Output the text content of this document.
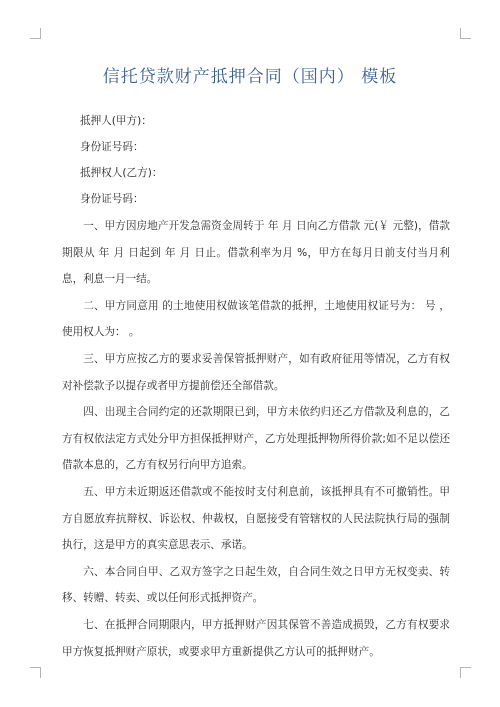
信托贷款财产抵押合同（国内） 模板

抵押人(甲方)：

身份证号码：

抵押权人(乙方)：

身份证号码：

一、甲方因房地产开发急需资金周转于 年 月 日向乙方借款 元(￥ 元整)，借款期限从 年 月 日起到 年 月 日止。借款利率为月 %，甲方在每月日前支付当月利息，利息一月一结。

二、甲方同意用 的土地使用权做该笔借款的抵押，土地使用权证号为： 号 ，使用权人为： 。

三、甲方应按乙方的要求妥善保管抵押财产，如有政府征用等情况，乙方有权对补偿款予以提存或者甲方提前偿还全部借款。

四、出现主合同约定的还款期限已到，甲方未依约归还乙方借款及利息的，乙方有权依法定方式处分甲方担保抵押财产，乙方处理抵押物所得价款;如不足以偿还借款本息的，乙方有权另行向甲方追索。

五、甲方未近期返还借款或不能按时支付利息前，该抵押具有不可撤销性。甲方自愿放弃抗辩权、诉讼权、仲裁权，自愿接受有管辖权的人民法院执行局的强制执行，这是甲方的真实意思表示、承诺。

六、本合同自甲、乙双方签字之日起生效，自合同生效之日甲方无权变卖、转移、转赠、转卖、或以任何形式抵押资产。

七、在抵押合同期限内，甲方抵押财产因其保管不善造成损毁，乙方有权要求甲方恢复抵押财产原状，或要求甲方重新提供乙方认可的抵押财产。
